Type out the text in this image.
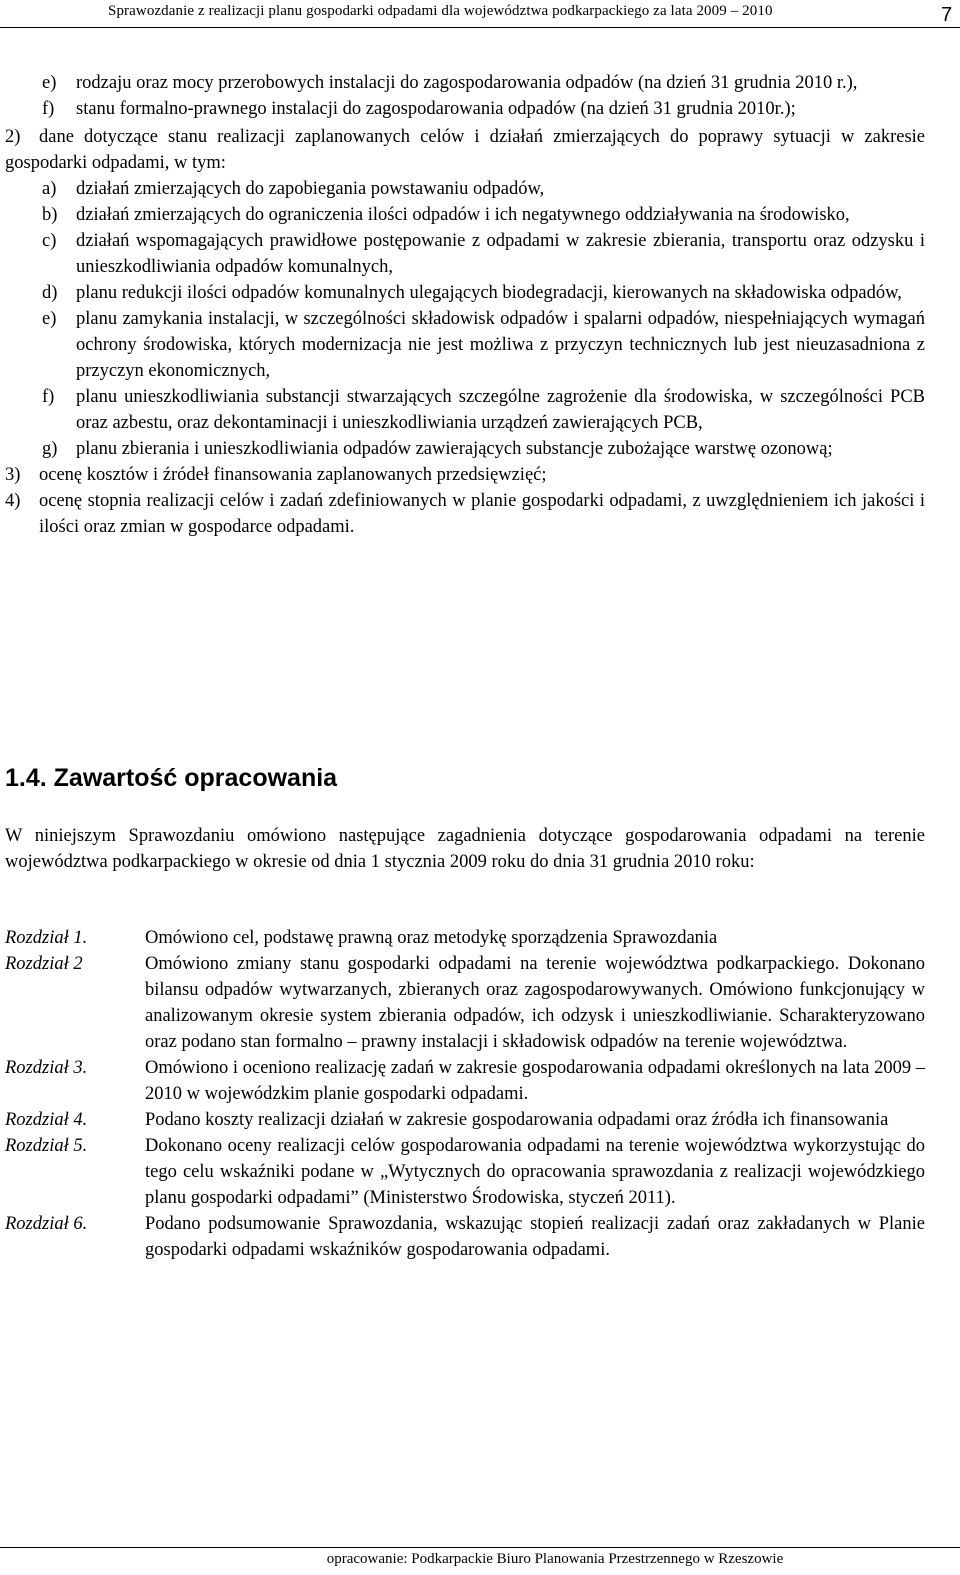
Sprawozdanie z realizacji planu gospodarki odpadami dla województwa podkarpackiego za lata 2009 – 2010	7
e) rodzaju oraz mocy przerobowych instalacji do zagospodarowania odpadów (na dzień 31 grudnia 2010 r.),
f) stanu formalno-prawnego instalacji do zagospodarowania odpadów (na dzień 31 grudnia 2010r.);
2)	dane dotyczące stanu realizacji zaplanowanych celów i działań zmierzających do poprawy sytuacji w zakresie gospodarki odpadami, w tym:
a) działań zmierzających do zapobiegania powstawaniu odpadów,
b) działań zmierzających do ograniczenia ilości odpadów i ich negatywnego oddziaływania na środowisko,
c) działań wspomagających prawidłowe postępowanie z odpadami w zakresie zbierania, transportu oraz odzysku i unieszkodliwiania odpadów komunalnych,
d) planu redukcji ilości odpadów komunalnych ulegających biodegradacji, kierowanych na składowiska odpadów,
e) planu zamykania instalacji, w szczególności składowisk odpadów i spalarni odpadów, niespełniających wymagań ochrony środowiska, których modernizacja nie jest możliwa z przyczyn technicznych lub jest nieuzasadniona z przyczyn ekonomicznych,
f) planu unieszkodliwiania substancji stwarzających szczególne zagrożenie dla środowiska, w szczególności PCB oraz azbestu, oraz dekontaminacji i unieszkodliwiania urządzeń zawierających PCB,
g) planu zbierania i unieszkodliwiania odpadów zawierających substancje zubożające warstwę ozonową;
3) ocenę kosztów i źródeł finansowania zaplanowanych przedsięwzięć;
4) ocenę stopnia realizacji celów i zadań zdefiniowanych w planie gospodarki odpadami, z uwzględnieniem ich jakości i ilości oraz zmian w gospodarce odpadami.
1.4. Zawartość opracowania
W niniejszym Sprawozdaniu omówiono następujące zagadnienia dotyczące gospodarowania odpadami na terenie województwa podkarpackiego w okresie od dnia 1 stycznia 2009 roku do dnia 31 grudnia 2010 roku:
Rozdział 1.	Omówiono cel, podstawę prawną oraz metodykę sporządzenia Sprawozdania
Rozdział 2	Omówiono zmiany stanu gospodarki odpadami na terenie województwa podkarpackiego. Dokonano bilansu odpadów wytwarzanych, zbieranych oraz zagospodarowywanych. Omówiono funkcjonujący w analizowanym okresie system zbierania odpadów, ich odzysk i unieszkodliwianie. Scharakteryzowano oraz podano stan formalno – prawny instalacji i składowisk odpadów na terenie województwa.
Rozdział 3.	Omówiono i oceniono realizację zadań w zakresie gospodarowania odpadami określonych na lata 2009 – 2010 w wojewódzkim planie gospodarki odpadami.
Rozdział 4.	Podano koszty realizacji działań w zakresie gospodarowania odpadami oraz źródła ich finansowania
Rozdział 5.	Dokonano oceny realizacji celów gospodarowania odpadami na terenie województwa wykorzystując do tego celu wskaźniki podane w „Wytycznych do opracowania sprawozdania z realizacji wojewódzkiego planu gospodarki odpadami” (Ministerstwo Środowiska, styczeń 2011).
Rozdział 6.	Podano podsumowanie Sprawozdania, wskazując stopień realizacji zadań oraz zakładanych w Planie gospodarki odpadami wskaźników gospodarowania odpadami.
opracowanie: Podkarpackie Biuro Planowania Przestrzennego w Rzeszowie
